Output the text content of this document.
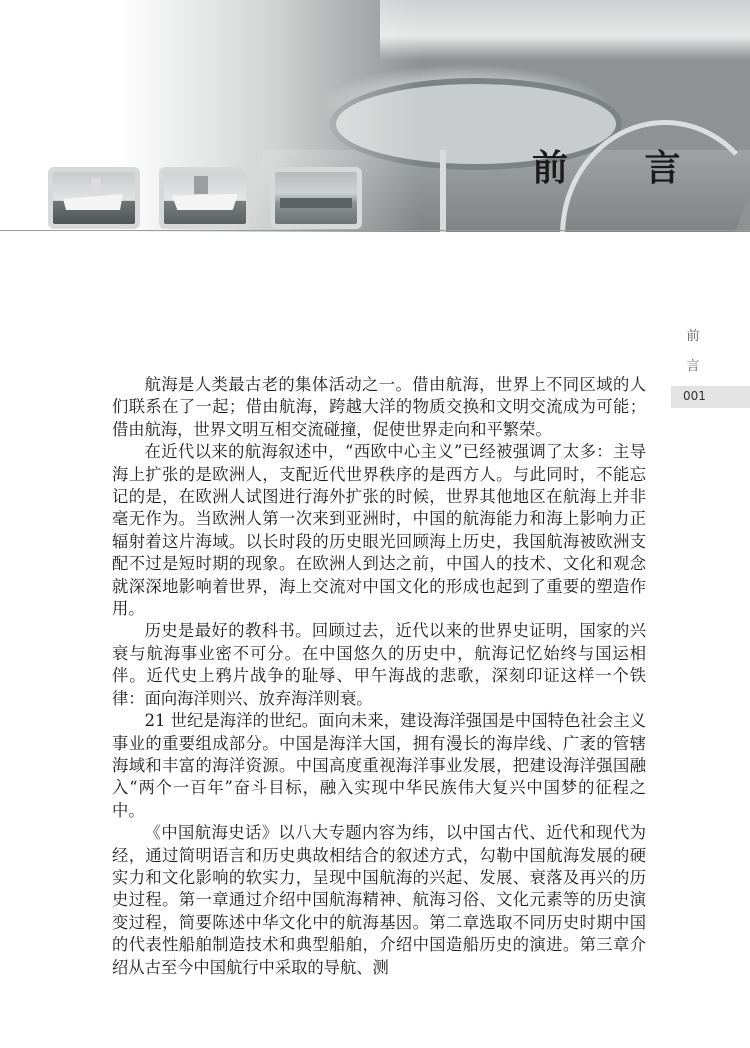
前 言
前
言
001

航海是人类最古老的集体活动之一。借由航海，世界上不同区域的人们联系在了一起；借由航海，跨越大洋的物质交换和文明交流成为可能；借由航海，世界文明互相交流碰撞，促使世界走向和平繁荣。

在近代以来的航海叙述中，“西欧中心主义”已经被强调了太多：主导海上扩张的是欧洲人，支配近代世界秩序的是西方人。与此同时，不能忘记的是，在欧洲人试图进行海外扩张的时候，世界其他地区在航海上并非毫无作为。当欧洲人第一次来到亚洲时，中国的航海能力和海上影响力正辐射着这片海域。以长时段的历史眼光回顾海上历史，我国航海被欧洲支配不过是短时期的现象。在欧洲人到达之前，中国人的技术、文化和观念就深深地影响着世界，海上交流对中国文化的形成也起到了重要的塑造作用。

历史是最好的教科书。回顾过去，近代以来的世界史证明，国家的兴衰与航海事业密不可分。在中国悠久的历史中，航海记忆始终与国运相伴。近代史上鸦片战争的耻辱、甲午海战的悲歌，深刻印证这样一个铁律：面向海洋则兴、放弃海洋则衰。

21 世纪是海洋的世纪。面向未来，建设海洋强国是中国特色社会主义事业的重要组成部分。中国是海洋大国，拥有漫长的海岸线、广袤的管辖海域和丰富的海洋资源。中国高度重视海洋事业发展，把建设海洋强国融入“两个一百年”奋斗目标，融入实现中华民族伟大复兴中国梦的征程之中。

《中国航海史话》以八大专题内容为纬，以中国古代、近代和现代为经，通过简明语言和历史典故相结合的叙述方式，勾勒中国航海发展的硬实力和文化影响的软实力，呈现中国航海的兴起、发展、衰落及再兴的历史过程。第一章通过介绍中国航海精神、航海习俗、文化元素等的历史演变过程，简要陈述中华文化中的航海基因。第二章选取不同历史时期中国的代表性船舶制造技术和典型船舶，介绍中国造船历史的演进。第三章介绍从古至今中国航行中采取的导航、测
